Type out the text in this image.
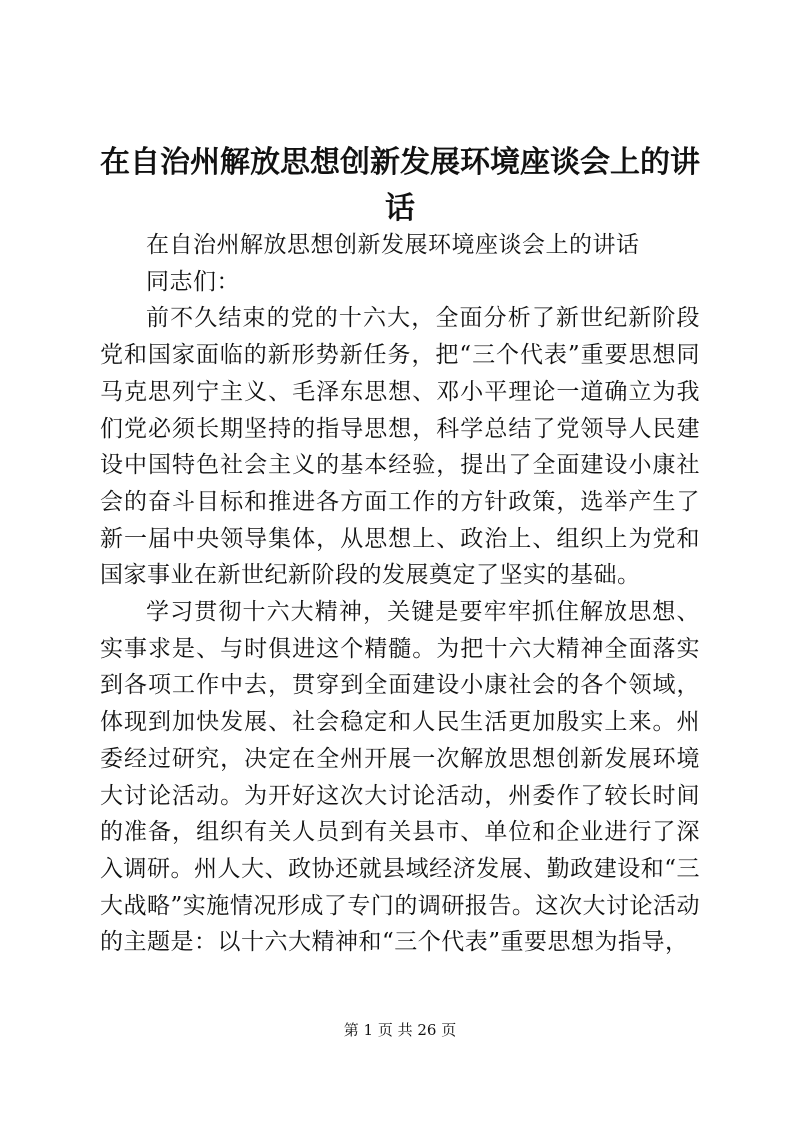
在自治州解放思想创新发展环境座谈会上的讲话

在自治州解放思想创新发展环境座谈会上的讲话

同志们：

前不久结束的党的十六大，全面分析了新世纪新阶段党和国家面临的新形势新任务，把“三个代表”重要思想同马克思列宁主义、毛泽东思想、邓小平理论一道确立为我们党必须长期坚持的指导思想，科学总结了党领导人民建设中国特色社会主义的基本经验，提出了全面建设小康社会的奋斗目标和推进各方面工作的方针政策，选举产生了新一届中央领导集体，从思想上、政治上、组织上为党和国家事业在新世纪新阶段的发展奠定了坚实的基础。

学习贯彻十六大精神，关键是要牢牢抓住解放思想、实事求是、与时俱进这个精髓。为把十六大精神全面落实到各项工作中去，贯穿到全面建设小康社会的各个领域，体现到加快发展、社会稳定和人民生活更加殷实上来。州委经过研究，决定在全州开展一次解放思想创新发展环境大讨论活动。为开好这次大讨论活动，州委作了较长时间的准备，组织有关人员到有关县市、单位和企业进行了深入调研。州人大、政协还就县域经济发展、勤政建设和“三大战略”实施情况形成了专门的调研报告。这次大讨论活动的主题是：以十六大精神和“三个代表”重要思想为指导，

第 1 页 共 26 页
